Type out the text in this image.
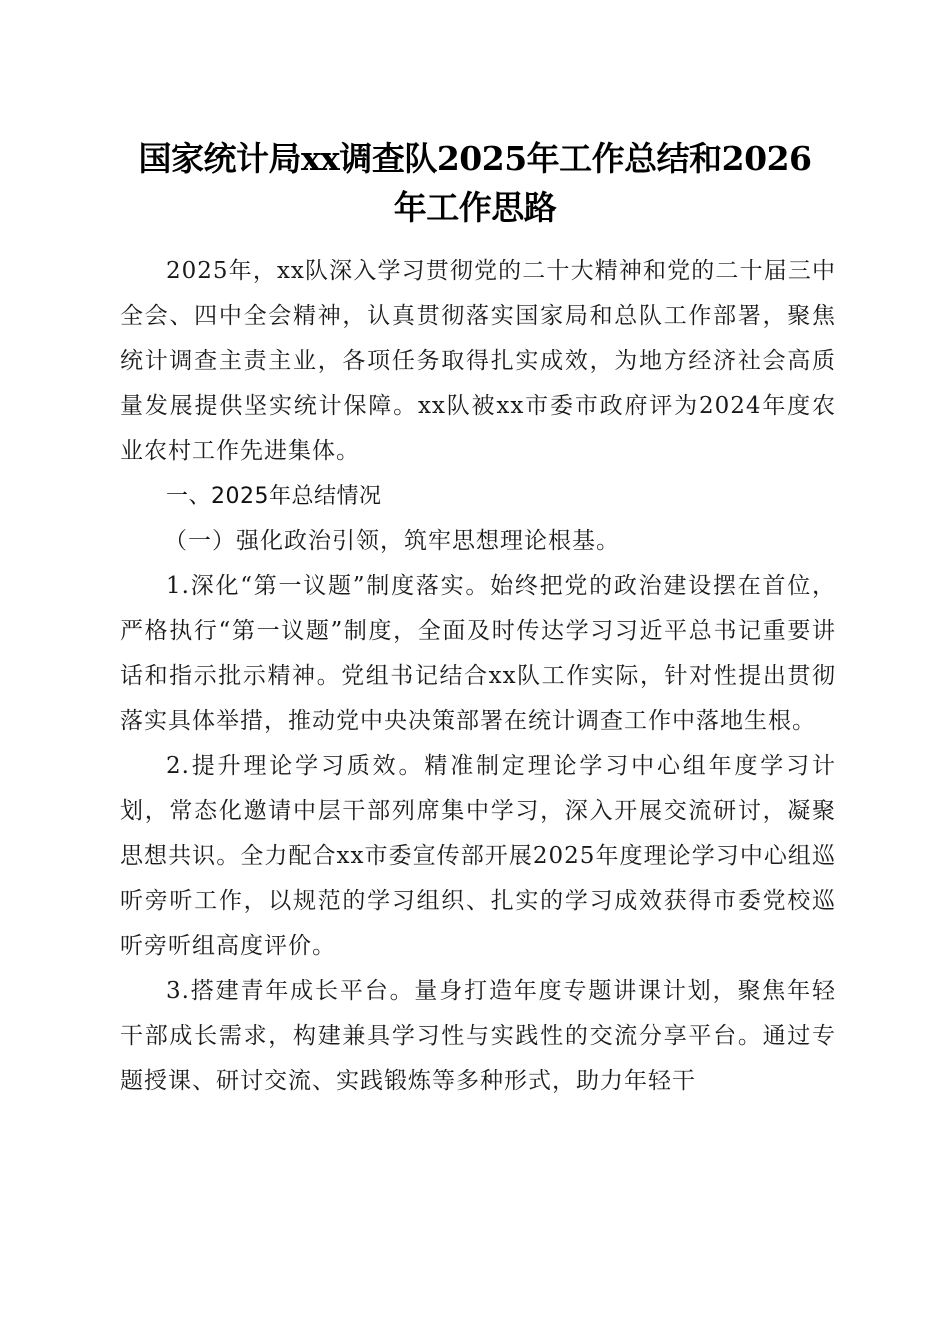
国家统计局xx调查队2025年工作总结和2026
年工作思路

2025年，xx队深入学习贯彻党的二十大精神和党的二十届三中全会、四中全会精神，认真贯彻落实国家局和总队工作部署，聚焦统计调查主责主业，各项任务取得扎实成效，为地方经济社会高质量发展提供坚实统计保障。xx队被xx市委市政府评为2024年度农业农村工作先进集体。

一、2025年总结情况

（一）强化政治引领，筑牢思想理论根基。

1.深化“第一议题”制度落实。始终把党的政治建设摆在首位，严格执行“第一议题”制度，全面及时传达学习习近平总书记重要讲话和指示批示精神。党组书记结合xx队工作实际，针对性提出贯彻落实具体举措，推动党中央决策部署在统计调查工作中落地生根。

2.提升理论学习质效。精准制定理论学习中心组年度学习计划，常态化邀请中层干部列席集中学习，深入开展交流研讨，凝聚思想共识。全力配合xx市委宣传部开展2025年度理论学习中心组巡听旁听工作，以规范的学习组织、扎实的学习成效获得市委党校巡听旁听组高度评价。

3.搭建青年成长平台。量身打造年度专题讲课计划，聚焦年轻干部成长需求，构建兼具学习性与实践性的交流分享平台。通过专题授课、研讨交流、实践锻炼等多种形式，助力年轻干
